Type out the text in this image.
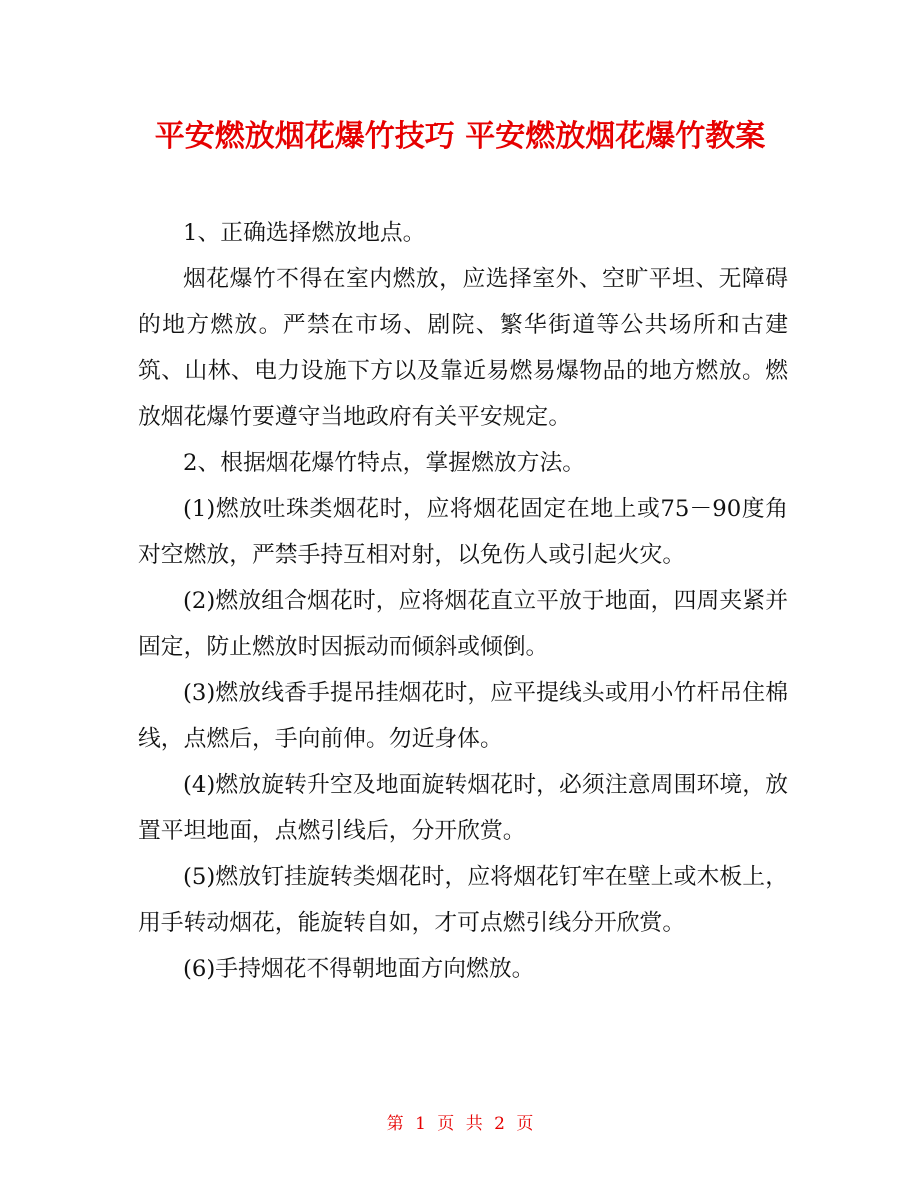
平安燃放烟花爆竹技巧 平安燃放烟花爆竹教案

1、正确选择燃放地点。

烟花爆竹不得在室内燃放，应选择室外、空旷平坦、无障碍的地方燃放。严禁在市场、剧院、繁华街道等公共场所和古建筑、山林、电力设施下方以及靠近易燃易爆物品的地方燃放。燃放烟花爆竹要遵守当地政府有关平安规定。

2、根据烟花爆竹特点，掌握燃放方法。

(1)燃放吐珠类烟花时，应将烟花固定在地上或75－90度角对空燃放，严禁手持互相对射，以免伤人或引起火灾。

(2)燃放组合烟花时，应将烟花直立平放于地面，四周夹紧并固定，防止燃放时因振动而倾斜或倾倒。

(3)燃放线香手提吊挂烟花时，应平提线头或用小竹杆吊住棉线，点燃后，手向前伸。勿近身体。

(4)燃放旋转升空及地面旋转烟花时，必须注意周围环境，放置平坦地面，点燃引线后，分开欣赏。

(5)燃放钉挂旋转类烟花时，应将烟花钉牢在壁上或木板上，用手转动烟花，能旋转自如，才可点燃引线分开欣赏。

(6)手持烟花不得朝地面方向燃放。

第 1 页 共 2 页
